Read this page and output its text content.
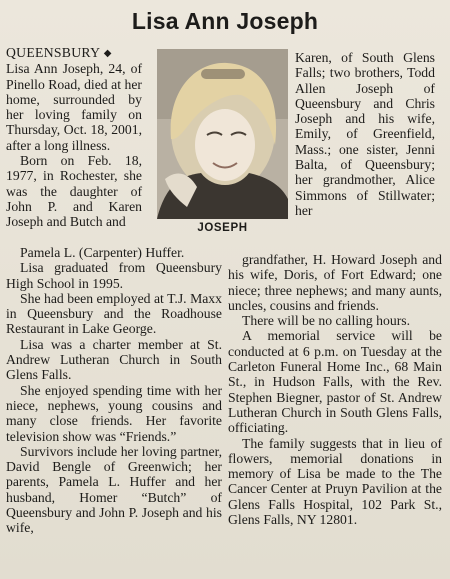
Lisa Ann Joseph

QUEENSBURY ◆

Lisa Ann Joseph, 24, of Pinello Road, died at her home, surrounded by her loving family on Thursday, Oct. 18, 2001, after a long illness.

Born on Feb. 18, 1977, in Rochester, she was the daughter of John P. and Karen Joseph and Butch and	JOSEPH

Karen, of South Glens Falls; two brothers, Todd Allen Joseph of Queensbury and Chris Joseph and his wife, Emily, of Greenfield, Mass.; one sister, Jenni Balta, of Queensbury; her grandmother, Alice Simmons of Stillwater; her

Pamela L. (Carpenter) Huffer.

Lisa graduated from Queensbury High School in 1995.

She had been employed at T.J. Maxx in Queensbury and the Roadhouse Restaurant in Lake George.

Lisa was a charter member at St. Andrew Lutheran Church in South Glens Falls.

She enjoyed spending time with her niece, nephews, young cousins and many close friends. Her favorite television show was “Friends.”

Survivors include her loving partner, David Bengle of Greenwich; her parents, Pamela L. Huffer and her husband, Homer “Butch” of Queensbury and John P. Joseph and his wife,

grandfather, H. Howard Joseph and his wife, Doris, of Fort Edward; one niece; three nephews; and many aunts, uncles, cousins and friends.

There will be no calling hours.

A memorial service will be conducted at 6 p.m. on Tuesday at the Carleton Funeral Home Inc., 68 Main St., in Hudson Falls, with the Rev. Stephen Biegner, pastor of St. Andrew Lutheran Church in South Glens Falls, officiating.

The family suggests that in lieu of flowers, memorial donations in memory of Lisa be made to the The Cancer Center at Pruyn Pavilion at the Glens Falls Hospital, 102 Park St., Glens Falls, NY 12801.
